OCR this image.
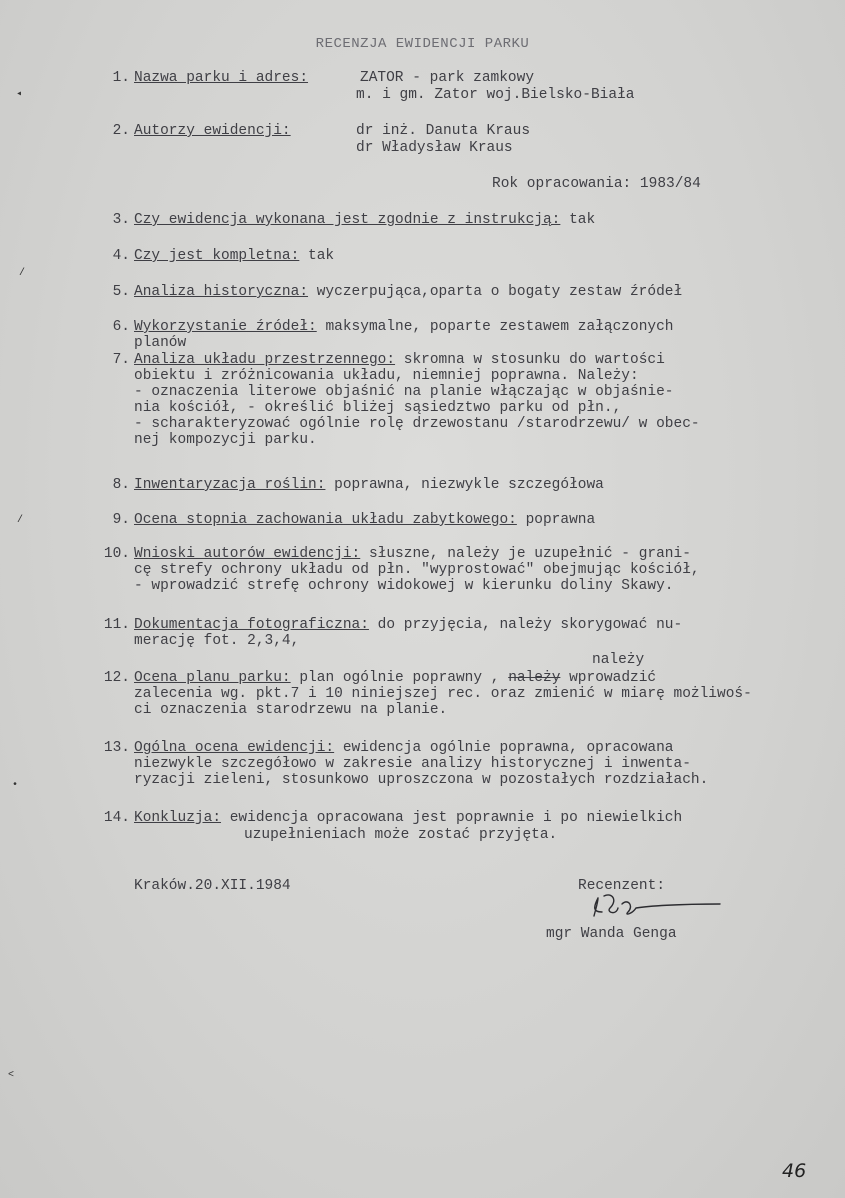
RECENZJA EWIDENCJI PARKU
1. Nazwa parku i adres:	ZATOR - park zamkowy
m. i gm. Zator woj.Bielsko-Biała
2. Autorzy ewidencji:	dr inż. Danuta Kraus
dr Władysław Kraus
Rok opracowania: 1983/84
3. Czy ewidencja wykonana jest zgodnie z instrukcją: tak
4. Czy jest kompletna: tak
5. Analiza historyczna: wyczerpująca,oparta o bogaty zestaw źródeł
6. Wykorzystanie źródeł: maksymalne, poparte zestawem załączonych
planów
7. Analiza układu przestrzennego: skromna w stosunku do wartości
obiektu i zróżnicowania układu, niemniej poprawna. Należy:
- oznaczenia literowe objaśnić na planie włączając w objaśnie-
nia kościół, - określić bliżej sąsiedztwo parku od płn.,
- scharakteryzować ogólnie rolę drzewostanu /starodrzewu/ w obec-
nej kompozycji parku.
8. Inwentaryzacja roślin: poprawna, niezwykle szczegółowa
9. Ocena stopnia zachowania układu zabytkowego: poprawna
10. Wnioski autorów ewidencji: słuszne, należy je uzupełnić - grani-
cę strefy ochrony układu od płn. "wyprostować" obejmując kościół,
- wprowadzić strefę ochrony widokowej w kierunku doliny Skawy.
11. Dokumentacja fotograficzna: do przyjęcia, należy skorygować nu-
merację fot. 2,3,4,
należy
12. Ocena planu parku: plan ogólnie poprawny , należy wprowadzić
zalecenia wg. pkt.7 i 10 niniejszej rec. oraz zmienić w miarę możliwoś-
ci oznaczenia starodrzewu na planie.
13. Ogólna ocena ewidencji: ewidencja ogólnie poprawna, opracowana
niezwykle szczegółowo w zakresie analizy historycznej i inwenta-
ryzacji zieleni, stosunkowo uproszczona w pozostałych rozdziałach.
14. Konkluzja: ewidencja opracowana jest poprawnie i po niewielkich
uzupełnieniach może zostać przyjęta.
Kraków.20.XII.1984	Recenzent:
mgr Wanda Genga
◂
/
/
•
<
46
